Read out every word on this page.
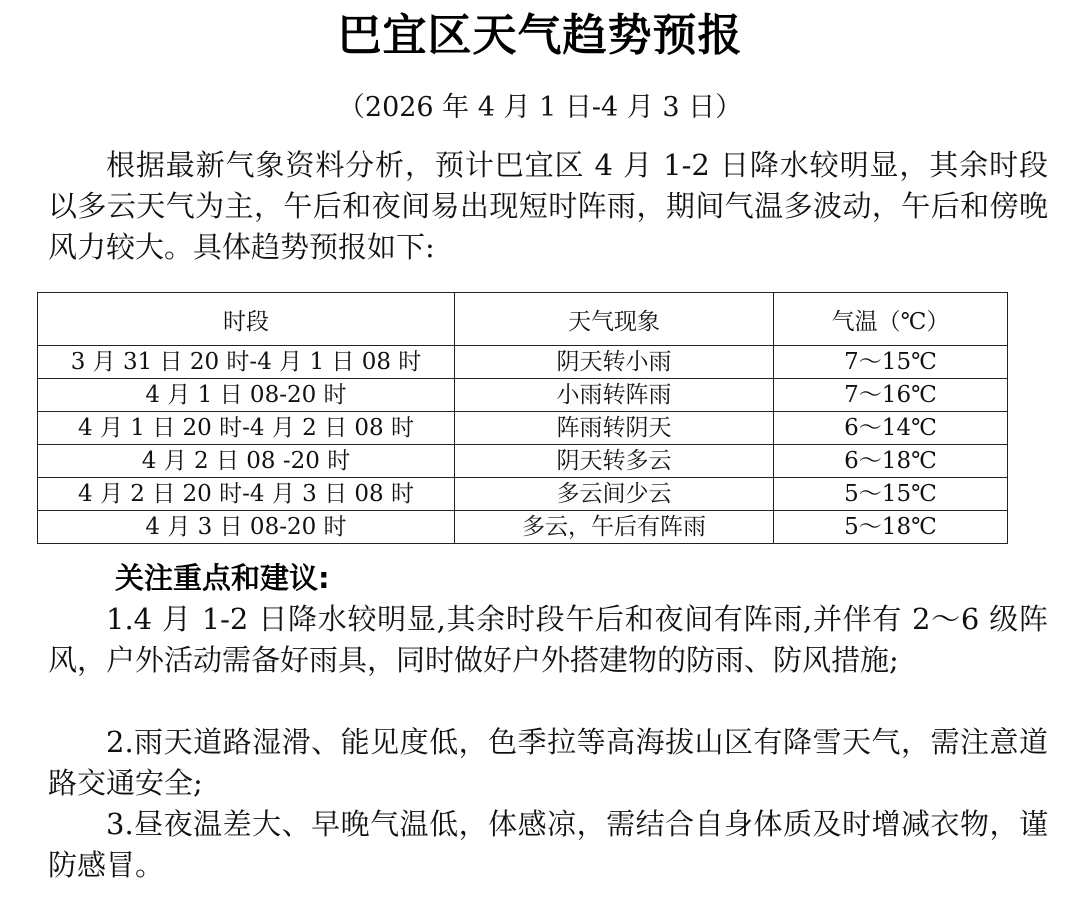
巴宜区天气趋势预报
（2026 年 4 月 1 日-4 月 3 日）

根据最新气象资料分析，预计巴宜区 4 月 1-2 日降水较明显，其余时段以多云天气为主，午后和夜间易出现短时阵雨，期间气温多波动，午后和傍晚风力较大。具体趋势预报如下:

时段	天气现象	气温（℃）
3 月 31 日 20 时-4 月 1 日 08 时	阴天转小雨	7～15℃
4 月 1 日 08-20 时	小雨转阵雨	7～16℃
4 月 1 日 20 时-4 月 2 日 08 时	阵雨转阴天	6～14℃
4 月 2 日 08 -20 时	阴天转多云	6～18℃
4 月 2 日 20 时-4 月 3 日 08 时	多云间少云	5～15℃
4 月 3 日 08-20 时	多云，午后有阵雨	5～18℃
关注重点和建议:

1.4 月 1-2 日降水较明显,其余时段午后和夜间有阵雨,并伴有 2～6 级阵风，户外活动需备好雨具，同时做好户外搭建物的防雨、防风措施;

2.雨天道路湿滑、能见度低，色季拉等高海拔山区有降雪天气，需注意道路交通安全;

3.昼夜温差大、早晚气温低，体感凉，需结合自身体质及时增减衣物，谨防感冒。
